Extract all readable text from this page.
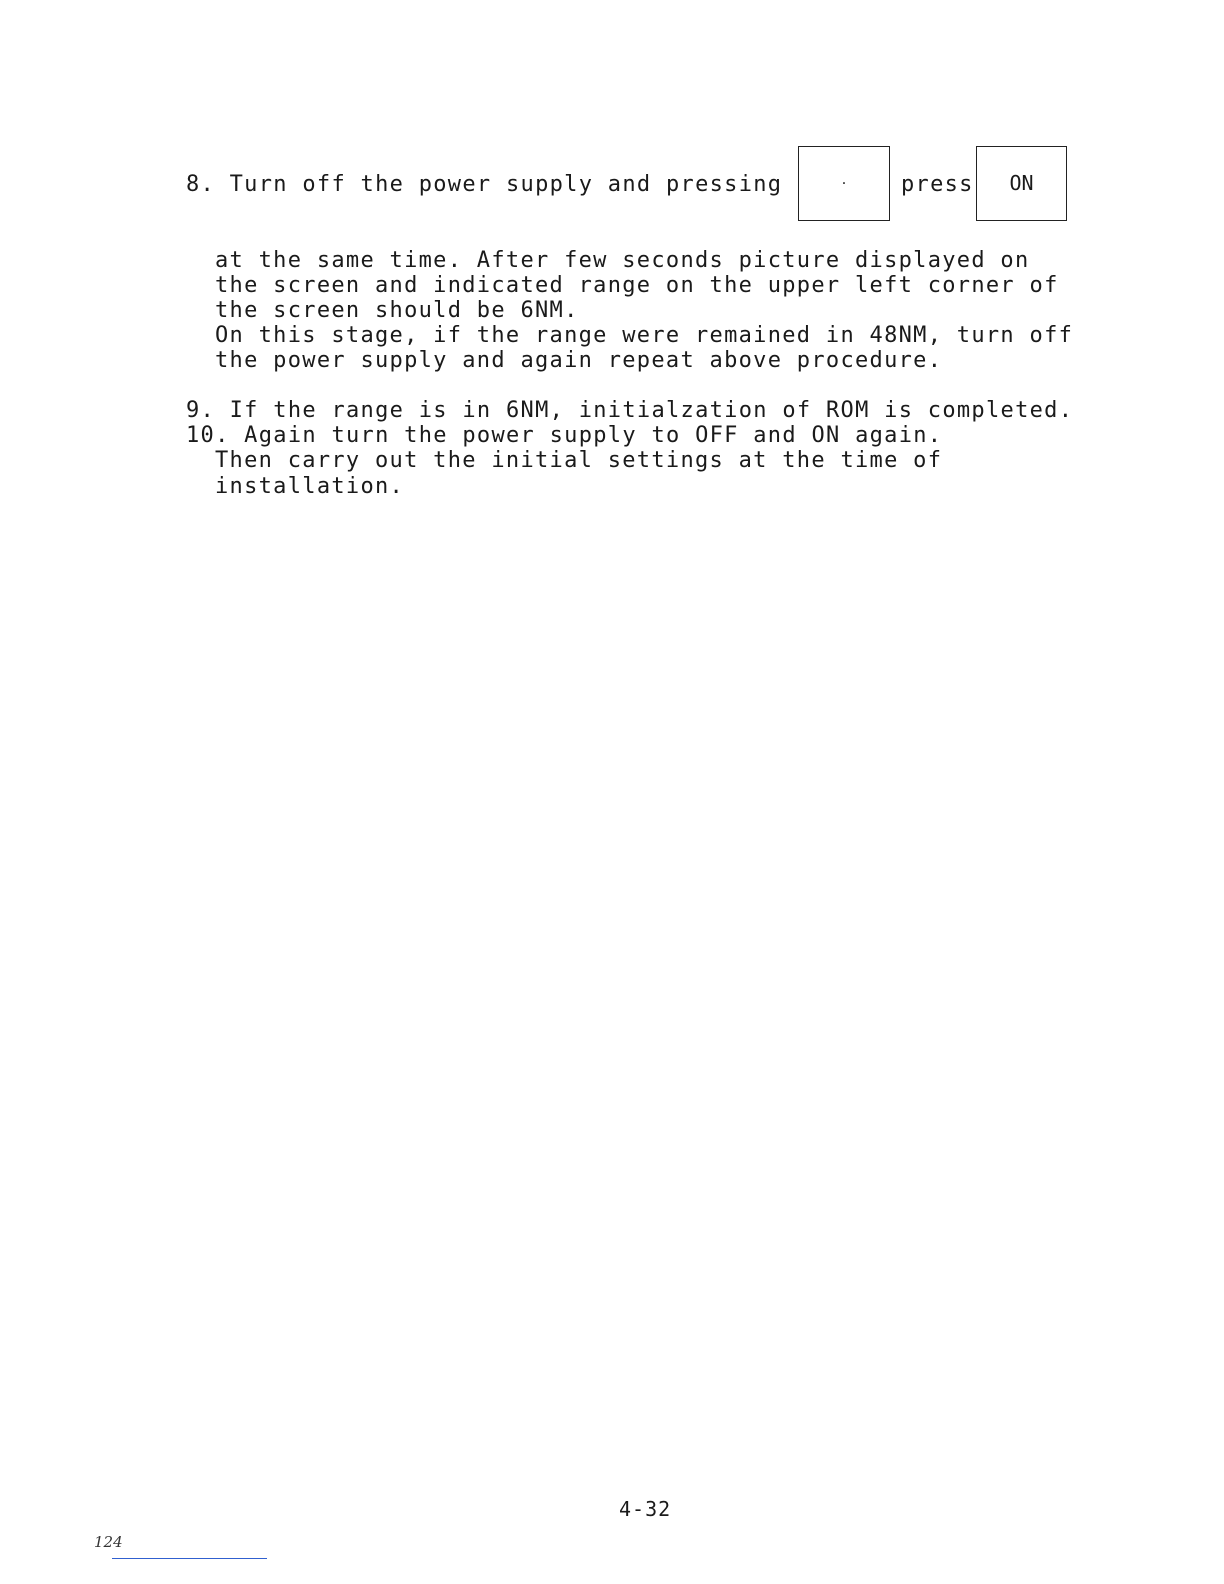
8. Turn off the power supply and pressing	.	press	ON
at the same time. After few seconds picture displayed on
the screen and indicated range on the upper left corner of
the screen should be 6NM.
On this stage, if the range were remained in 48NM, turn off
the power supply and again repeat above procedure.
9. If the range is in 6NM, initialzation of ROM is completed.
10. Again turn the power supply to OFF and ON again.
Then carry out the initial settings at the time of
installation.
4-32
124
